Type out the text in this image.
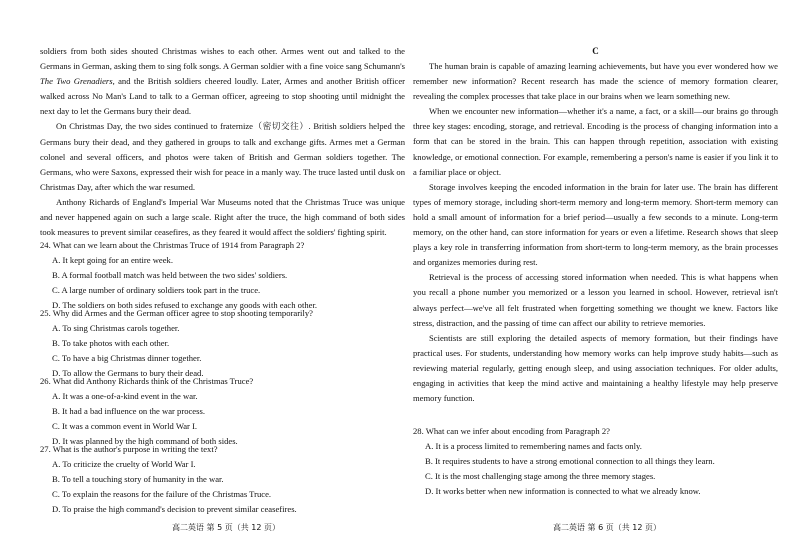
soldiers from both sides shouted Christmas wishes to each other. Armes went out and talked to the Germans in German, asking them to sing folk songs. A German soldier with a fine voice sang Schumann's The Two Grenadiers, and the British soldiers cheered loudly. Later, Armes and another British officer walked across No Man's Land to talk to a German officer, agreeing to stop shooting until midnight the next day to let the Germans bury their dead.

On Christmas Day, the two sides continued to fraternize（密切交往）. British soldiers helped the Germans bury their dead, and they gathered in groups to talk and exchange gifts. Armes met a German colonel and several officers, and photos were taken of British and German soldiers together. The Germans, who were Saxons, expressed their wish for peace in a manly way. The truce lasted until dusk on Christmas Day, after which the war resumed.

Anthony Richards of England's Imperial War Museums noted that the Christmas Truce was unique and never happened again on such a large scale. Right after the truce, the high command of both sides took measures to prevent similar ceasefires, as they feared it would affect the soldiers' fighting spirit.

24. What can we learn about the Christmas Truce of 1914 from Paragraph 2?
A. It kept going for an entire week.
B. A formal football match was held between the two sides' soldiers.
C. A large number of ordinary soldiers took part in the truce.
D. The soldiers on both sides refused to exchange any goods with each other.
25. Why did Armes and the German officer agree to stop shooting temporarily?
A. To sing Christmas carols together.
B. To take photos with each other.
C. To have a big Christmas dinner together.
D. To allow the Germans to bury their dead.
26. What did Anthony Richards think of the Christmas Truce?
A. It was a one-of-a-kind event in the war.
B. It had a bad influence on the war process.
C. It was a common event in World War I.
D. It was planned by the high command of both sides.
27. What is the author's purpose in writing the text?
A. To criticize the cruelty of World War I.
B. To tell a touching story of humanity in the war.
C. To explain the reasons for the failure of the Christmas Truce.
D. To praise the high command's decision to prevent similar ceasefires.
高二英语 第 5 页（共 12 页）
C

The human brain is capable of amazing learning achievements, but have you ever wondered how we remember new information? Recent research has made the science of memory formation clearer, revealing the complex processes that take place in our brains when we learn something new.

When we encounter new information—whether it's a name, a fact, or a skill—our brains go through three key stages: encoding, storage, and retrieval. Encoding is the process of changing information into a form that can be stored in the brain. This can happen through repetition, association with existing knowledge, or emotional connection. For example, remembering a person's name is easier if you link it to a familiar place or object.

Storage involves keeping the encoded information in the brain for later use. The brain has different types of memory storage, including short-term memory and long-term memory. Short-term memory can hold a small amount of information for a brief period—usually a few seconds to a minute. Long-term memory, on the other hand, can store information for years or even a lifetime. Research shows that sleep plays a key role in transferring information from short-term to long-term memory, as the brain processes and organizes memories during rest.

Retrieval is the process of accessing stored information when needed. This is what happens when you recall a phone number you memorized or a lesson you learned in school. However, retrieval isn't always perfect—we've all felt frustrated when forgetting something we thought we knew. Factors like stress, distraction, and the passing of time can affect our ability to retrieve memories.

Scientists are still exploring the detailed aspects of memory formation, but their findings have practical uses. For students, understanding how memory works can help improve study habits—such as reviewing material regularly, getting enough sleep, and using association techniques. For older adults, engaging in activities that keep the mind active and maintaining a healthy lifestyle may help preserve memory function.

28. What can we infer about encoding from Paragraph 2?
A. It is a process limited to remembering names and facts only.
B. It requires students to have a strong emotional connection to all things they learn.
C. It is the most challenging stage among the three memory stages.
D. It works better when new information is connected to what we already know.
高二英语 第 6 页（共 12 页）
